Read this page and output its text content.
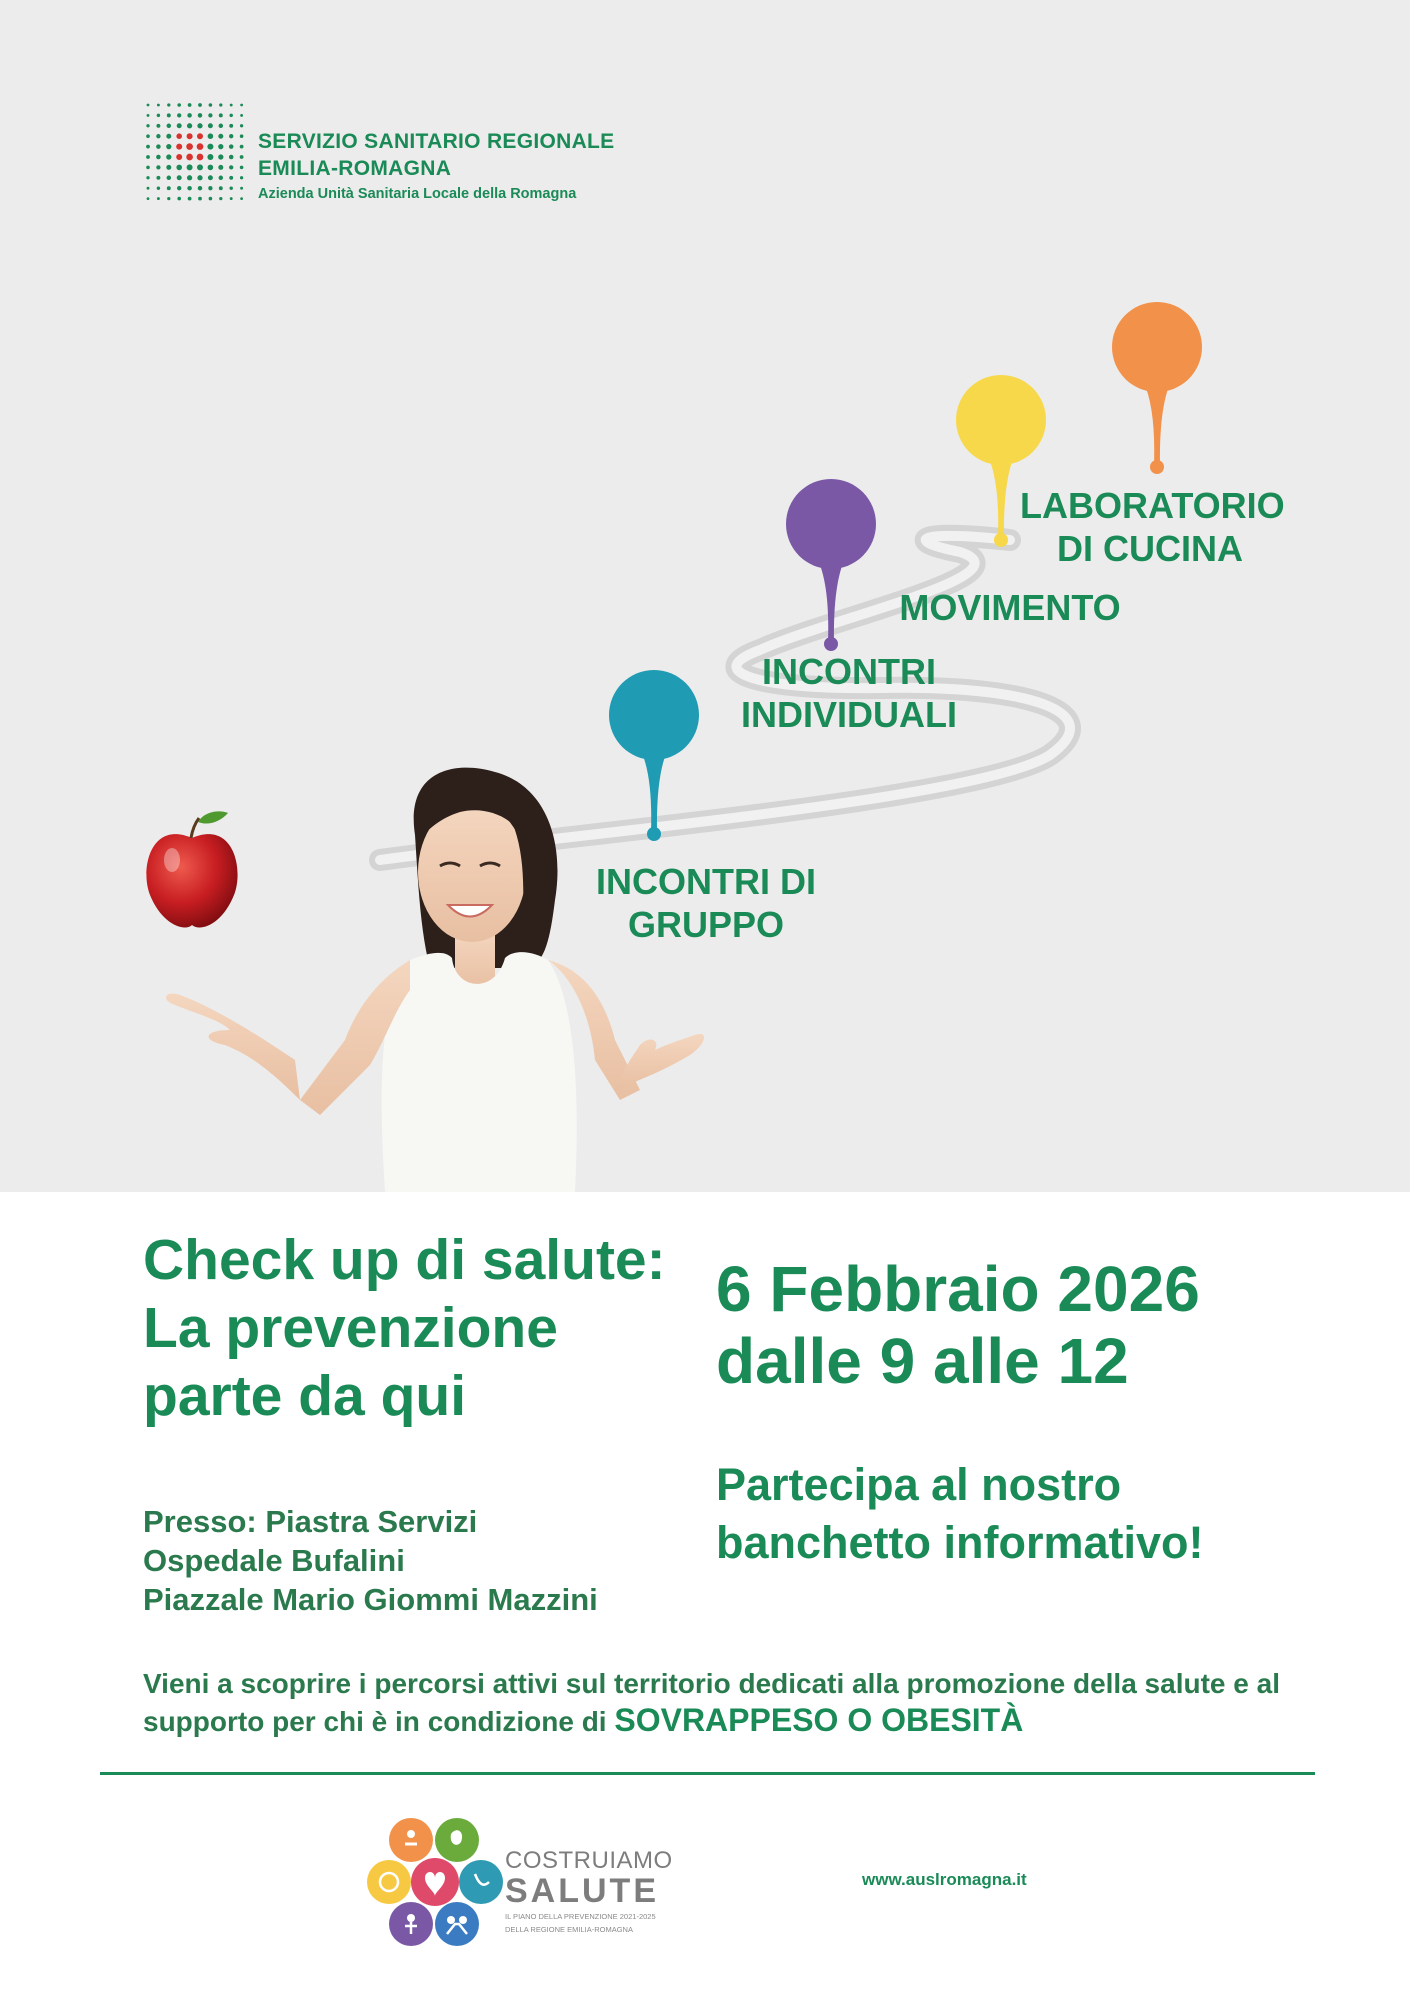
SERVIZIO SANITARIO REGIONALE
EMILIA-ROMAGNA
Azienda Unità Sanitaria Locale della Romagna
INCONTRI DI
GRUPPO
INCONTRI
INDIVIDUALI
MOVIMENTO
LABORATORIO
DI CUCINA
Check up di salute:
La prevenzione
parte da qui
6 Febbraio 2026
dalle 9 alle 12
Partecipa al nostro
banchetto informativo!
Presso: Piastra Servizi
Ospedale Bufalini
Piazzale Mario Giommi Mazzini
Vieni a scoprire i percorsi attivi sul territorio dedicati alla promozione della salute e al supporto per chi è in condizione di SOVRAPPESO O OBESITÀ
COSTRUIAMO
SALUTE
IL PIANO DELLA PREVENZIONE 2021-2025
DELLA REGIONE EMILIA-ROMAGNA
www.auslromagna.it
